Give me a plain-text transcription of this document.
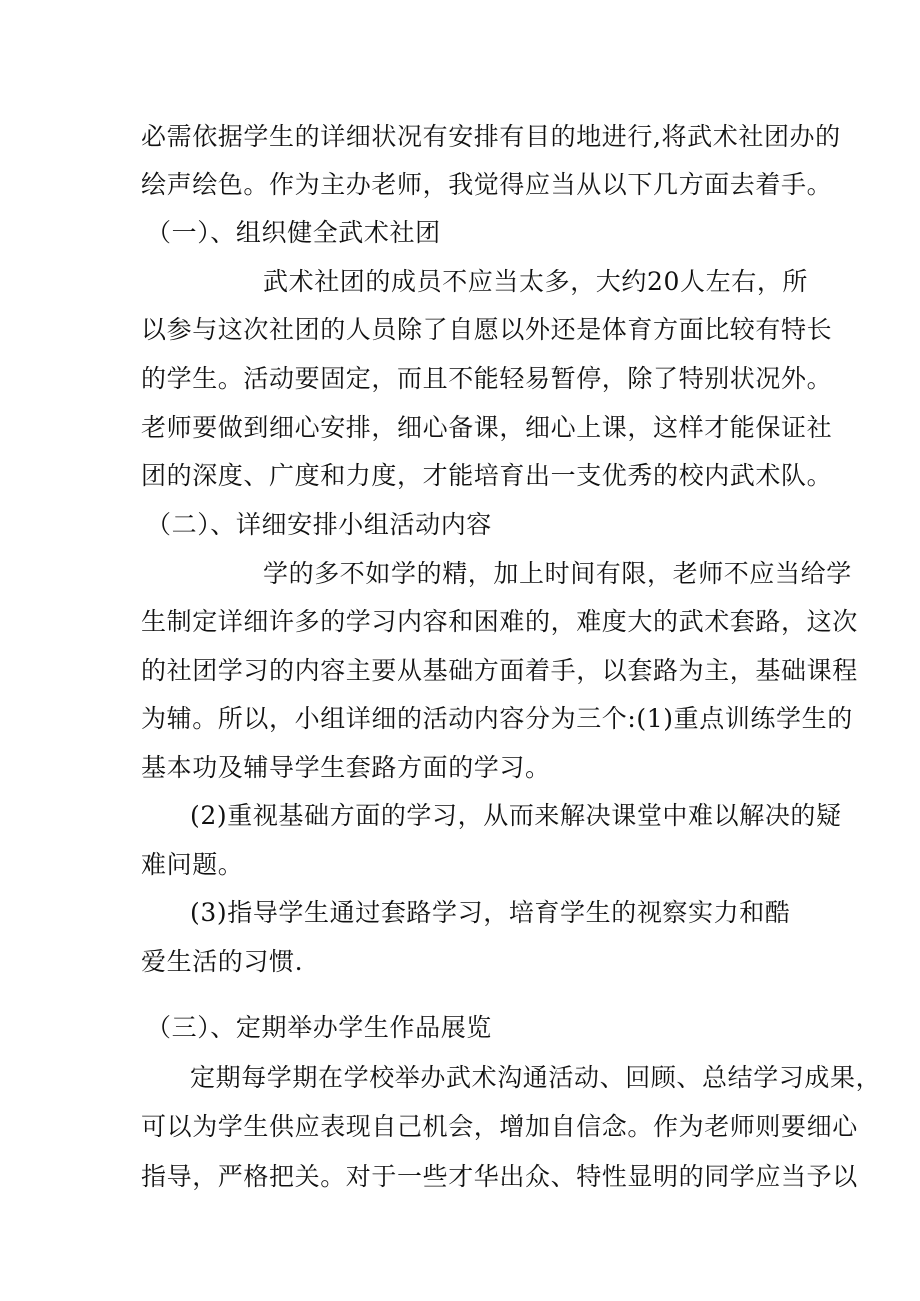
必需依据学生的详细状况有安排有目的地进行,将武术社团办的
绘声绘色。作为主办老师，我觉得应当从以下几方面去着手。
（一）、组织健全武术社团
武术社团的成员不应当太多，大约20人左右，所
以参与这次社团的人员除了自愿以外还是体育方面比较有特长
的学生。活动要固定，而且不能轻易暂停，除了特别状况外。
老师要做到细心安排，细心备课，细心上课，这样才能保证社
团的深度、广度和力度，才能培育出一支优秀的校内武术队。
（二）、详细安排小组活动内容
学的多不如学的精，加上时间有限，老师不应当给学
生制定详细许多的学习内容和困难的，难度大的武术套路，这次
的社团学习的内容主要从基础方面着手，以套路为主，基础课程
为辅。所以，小组详细的活动内容分为三个:(1)重点训练学生的
基本功及辅导学生套路方面的学习。
(2)重视基础方面的学习，从而来解决课堂中难以解决的疑
难问题。
(3)指导学生通过套路学习，培育学生的视察实力和酷
爱生活的习惯.
（三）、定期举办学生作品展览
定期每学期在学校举办武术沟通活动、回顾、总结学习成果，
可以为学生供应表现自己机会，增加自信念。作为老师则要细心
指导，严格把关。对于一些才华出众、特性显明的同学应当予以
